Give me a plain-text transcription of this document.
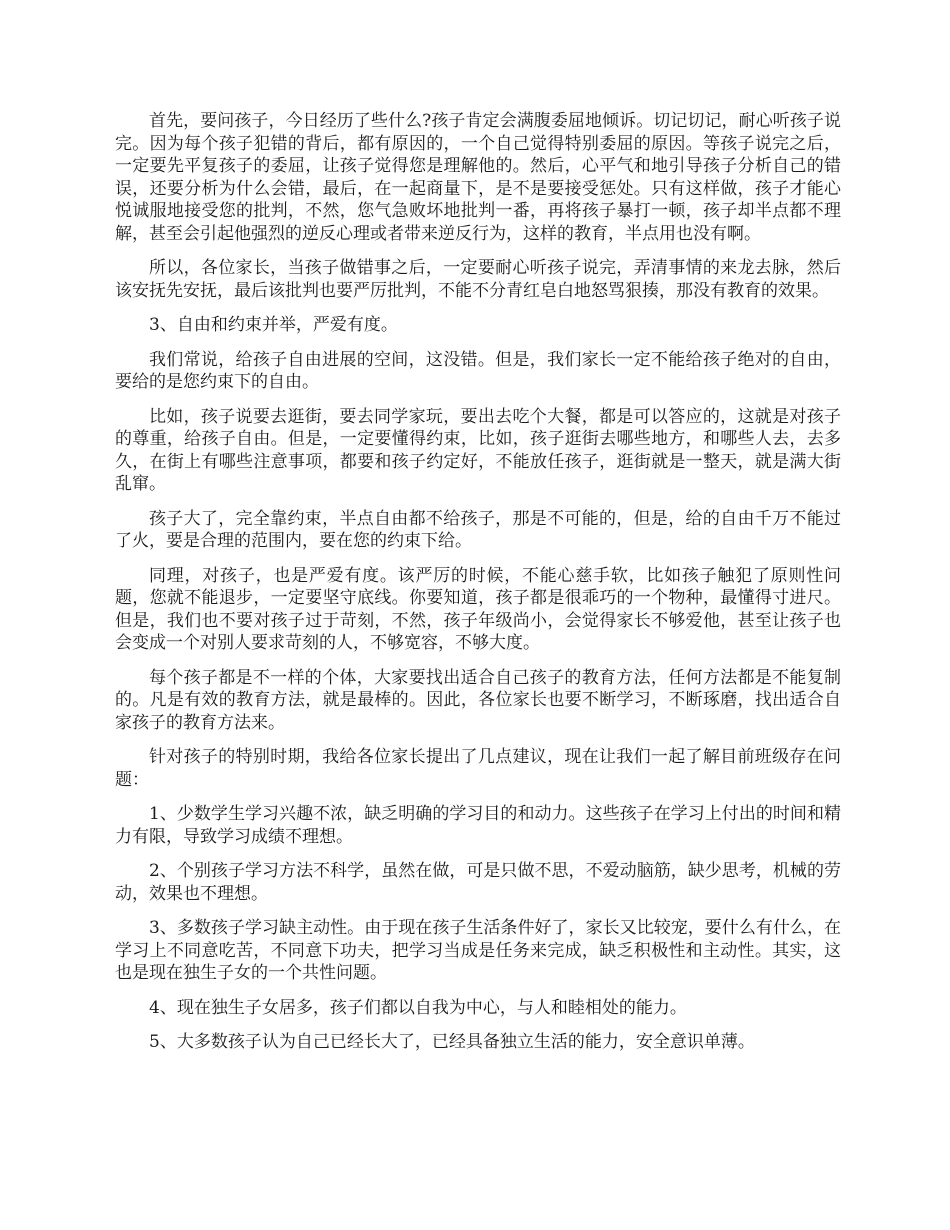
首先，要问孩子，今日经历了些什么?孩子肯定会满腹委屈地倾诉。切记切记，耐心听孩子说完。因为每个孩子犯错的背后，都有原因的，一个自己觉得特别委屈的原因。等孩子说完之后，一定要先平复孩子的委屈，让孩子觉得您是理解他的。然后，心平气和地引导孩子分析自己的错误，还要分析为什么会错，最后，在一起商量下，是不是要接受惩处。只有这样做，孩子才能心悦诚服地接受您的批判，不然，您气急败坏地批判一番，再将孩子暴打一顿，孩子却半点都不理解，甚至会引起他强烈的逆反心理或者带来逆反行为，这样的教育，半点用也没有啊。

所以，各位家长，当孩子做错事之后，一定要耐心听孩子说完，弄清事情的来龙去脉，然后该安抚先安抚，最后该批判也要严厉批判，不能不分青红皂白地怒骂狠揍，那没有教育的效果。

3、自由和约束并举，严爱有度。

我们常说，给孩子自由进展的空间，这没错。但是，我们家长一定不能给孩子绝对的自由，要给的是您约束下的自由。

比如，孩子说要去逛街，要去同学家玩，要出去吃个大餐，都是可以答应的，这就是对孩子的尊重，给孩子自由。但是，一定要懂得约束，比如，孩子逛街去哪些地方，和哪些人去，去多久，在街上有哪些注意事项，都要和孩子约定好，不能放任孩子，逛街就是一整天，就是满大街乱窜。

孩子大了，完全靠约束，半点自由都不给孩子，那是不可能的，但是，给的自由千万不能过了火，要是合理的范围内，要在您的约束下给。

同理，对孩子，也是严爱有度。该严厉的时候，不能心慈手软，比如孩子触犯了原则性问题，您就不能退步，一定要坚守底线。你要知道，孩子都是很乖巧的一个物种，最懂得寸进尺。但是，我们也不要对孩子过于苛刻，不然，孩子年级尚小，会觉得家长不够爱他，甚至让孩子也会变成一个对别人要求苛刻的人，不够宽容，不够大度。

每个孩子都是不一样的个体，大家要找出适合自己孩子的教育方法，任何方法都是不能复制的。凡是有效的教育方法，就是最棒的。因此，各位家长也要不断学习，不断琢磨，找出适合自家孩子的教育方法来。

针对孩子的特别时期，我给各位家长提出了几点建议，现在让我们一起了解目前班级存在问题：

1、少数学生学习兴趣不浓，缺乏明确的学习目的和动力。这些孩子在学习上付出的时间和精力有限，导致学习成绩不理想。

2、个别孩子学习方法不科学，虽然在做，可是只做不思，不爱动脑筋，缺少思考，机械的劳动，效果也不理想。

3、多数孩子学习缺主动性。由于现在孩子生活条件好了，家长又比较宠，要什么有什么，在学习上不同意吃苦，不同意下功夫，把学习当成是任务来完成，缺乏积极性和主动性。其实，这也是现在独生子女的一个共性问题。

4、现在独生子女居多，孩子们都以自我为中心，与人和睦相处的能力。

5、大多数孩子认为自己已经长大了，已经具备独立生活的能力，安全意识单薄。
